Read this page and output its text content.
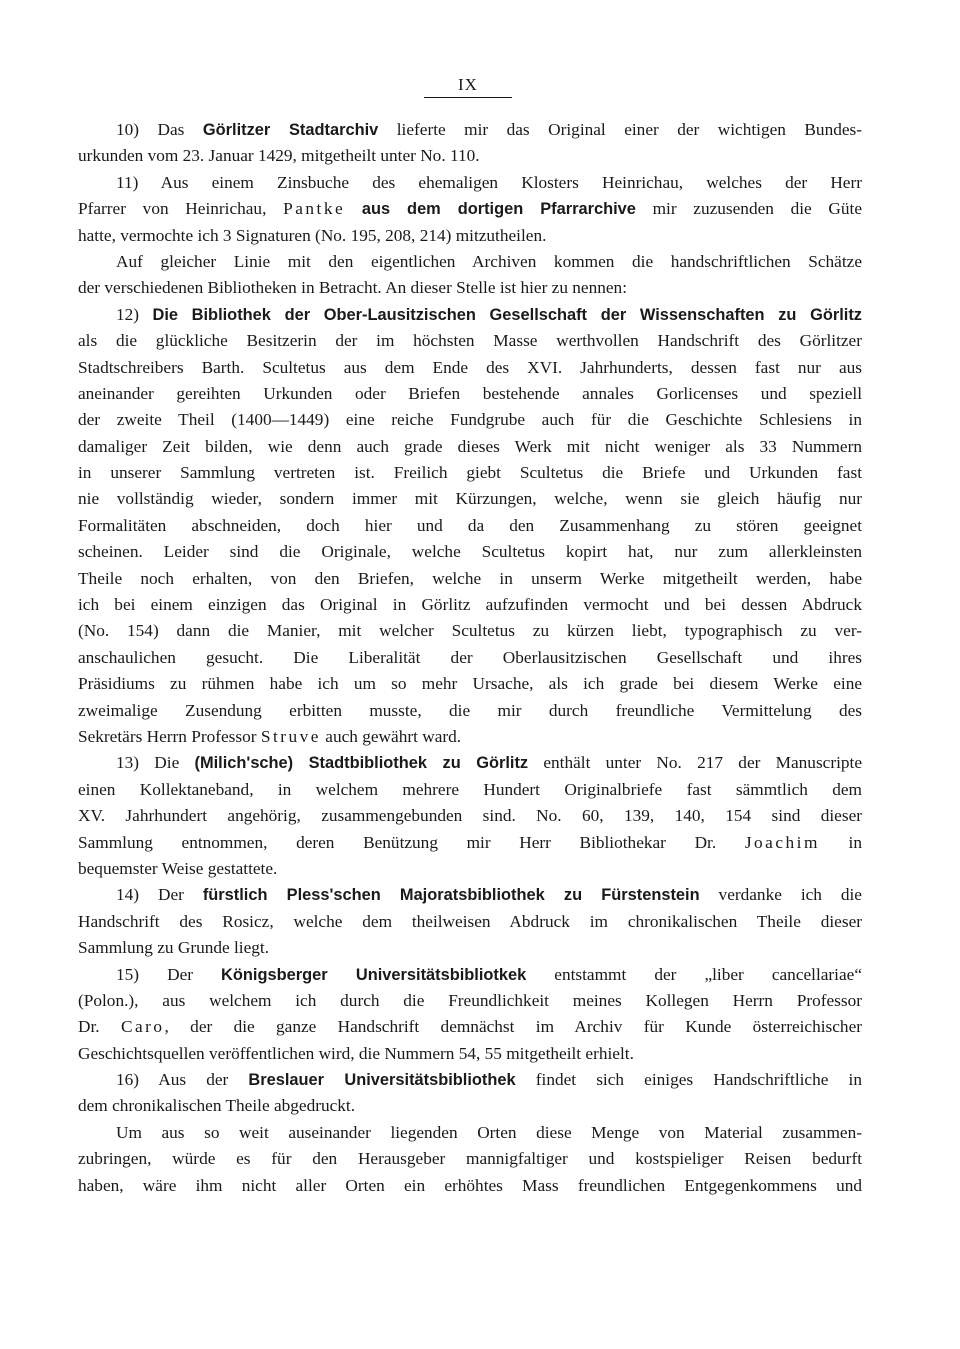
IX
10) Das Görlitzer Stadtarchiv lieferte mir das Original einer der wichtigen Bundes-
urkunden vom 23. Januar 1429, mitgetheilt unter No. 110.
11) Aus einem Zinsbuche des ehemaligen Klosters Heinrichau, welches der Herr
Pfarrer von Heinrichau, Pantke aus dem dortigen Pfarrarchive mir zuzusenden die Güte
hatte, vermochte ich 3 Signaturen (No. 195, 208, 214) mitzutheilen.
Auf gleicher Linie mit den eigentlichen Archiven kommen die handschriftlichen Schätze
der verschiedenen Bibliotheken in Betracht. An dieser Stelle ist hier zu nennen:
12) Die Bibliothek der Ober-Lausitzischen Gesellschaft der Wissenschaften zu Görlitz
als die glückliche Besitzerin der im höchsten Masse werthvollen Handschrift des Görlitzer
Stadtschreibers Barth. Scultetus aus dem Ende des XVI. Jahrhunderts, dessen fast nur aus
aneinander gereihten Urkunden oder Briefen bestehende annales Gorlicenses und speziell
der zweite Theil (1400—1449) eine reiche Fundgrube auch für die Geschichte Schlesiens in
damaliger Zeit bilden, wie denn auch grade dieses Werk mit nicht weniger als 33 Nummern
in unserer Sammlung vertreten ist. Freilich giebt Scultetus die Briefe und Urkunden fast
nie vollständig wieder, sondern immer mit Kürzungen, welche, wenn sie gleich häufig nur
Formalitäten abschneiden, doch hier und da den Zusammenhang zu stören geeignet
scheinen. Leider sind die Originale, welche Scultetus kopirt hat, nur zum allerkleinsten
Theile noch erhalten, von den Briefen, welche in unserm Werke mitgetheilt werden, habe
ich bei einem einzigen das Original in Görlitz aufzufinden vermocht und bei dessen Abdruck
(No. 154) dann die Manier, mit welcher Scultetus zu kürzen liebt, typographisch zu ver-
anschaulichen gesucht. Die Liberalität der Oberlausitzischen Gesellschaft und ihres
Präsidiums zu rühmen habe ich um so mehr Ursache, als ich grade bei diesem Werke eine
zweimalige Zusendung erbitten musste, die mir durch freundliche Vermittelung des
Sekretärs Herrn Professor Struve auch gewährt ward.
13) Die (Milich'sche) Stadtbibliothek zu Görlitz enthält unter No. 217 der Manuscripte
einen Kollektaneband, in welchem mehrere Hundert Originalbriefe fast sämmtlich dem
XV. Jahrhundert angehörig, zusammengebunden sind. No. 60, 139, 140, 154 sind dieser
Sammlung entnommen, deren Benützung mir Herr Bibliothekar Dr. Joachim in
bequemster Weise gestattete.
14) Der fürstlich Pless'schen Majoratsbibliothek zu Fürstenstein verdanke ich die
Handschrift des Rosicz, welche dem theilweisen Abdruck im chronikalischen Theile dieser
Sammlung zu Grunde liegt.
15) Der Königsberger Universitätsbibliotkek entstammt der „liber cancellariae“
(Polon.), aus welchem ich durch die Freundlichkeit meines Kollegen Herrn Professor
Dr. Caro, der die ganze Handschrift demnächst im Archiv für Kunde österreichischer
Geschichtsquellen veröffentlichen wird, die Nummern 54, 55 mitgetheilt erhielt.
16) Aus der Breslauer Universitätsbibliothek findet sich einiges Handschriftliche in
dem chronikalischen Theile abgedruckt.
Um aus so weit auseinander liegenden Orten diese Menge von Material zusammen-
zubringen, würde es für den Herausgeber mannigfaltiger und kostspieliger Reisen bedurft
haben, wäre ihm nicht aller Orten ein erhöhtes Mass freundlichen Entgegenkommens und
